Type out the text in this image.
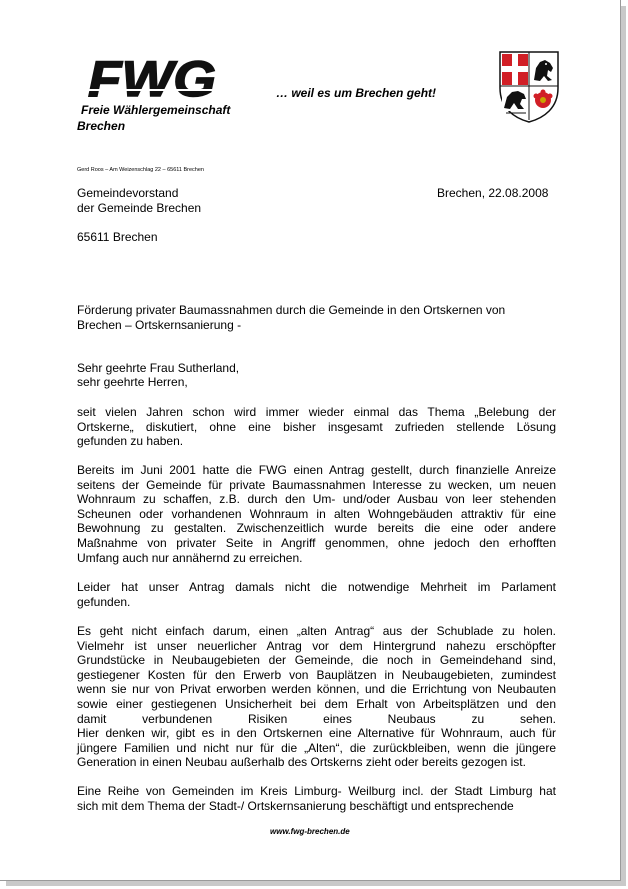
FWG
Freie Wählergemeinschaft
Brechen
… weil es um Brechen geht!
Gerd Roos – Am Weizenschlag 22 – 65611 Brechen
Gemeindevorstand
der Gemeinde Brechen
Brechen, 22.08.2008
65611 Brechen
Förderung privater Baumassnahmen durch die Gemeinde in den Ortskernen von
Brechen – Ortskernsanierung -
Sehr geehrte Frau Sutherland,
sehr geehrte Herren,
seit vielen Jahren schon wird immer wieder einmal das Thema „Belebung der
Ortskerne„ diskutiert, ohne eine bisher insgesamt zufrieden stellende Lösung
gefunden zu haben.
Bereits im Juni 2001 hatte die FWG einen Antrag gestellt, durch finanzielle Anreize
seitens der Gemeinde für private Baumassnahmen Interesse zu wecken, um neuen
Wohnraum zu schaffen, z.B. durch den Um- und/oder Ausbau von leer stehenden
Scheunen oder vorhandenen Wohnraum in alten Wohngebäuden attraktiv für eine
Bewohnung zu gestalten. Zwischenzeitlich wurde bereits die eine oder andere
Maßnahme von privater Seite in Angriff genommen, ohne jedoch den erhofften
Umfang auch nur annähernd zu erreichen.
Leider hat unser Antrag damals nicht die notwendige Mehrheit im Parlament
gefunden.
Es geht nicht einfach darum, einen „alten Antrag“ aus der Schublade zu holen.
Vielmehr ist unser neuerlicher Antrag vor dem Hintergrund nahezu erschöpfter
Grundstücke in Neubaugebieten der Gemeinde, die noch in Gemeindehand sind,
gestiegener Kosten für den Erwerb von Bauplätzen in Neubaugebieten, zumindest
wenn sie nur von Privat erworben werden können, und die Errichtung von Neubauten
sowie einer gestiegenen Unsicherheit bei dem Erhalt von Arbeitsplätzen und den
damit verbundenen Risiken eines Neubaus zu sehen.
Hier denken wir, gibt es in den Ortskernen eine Alternative für Wohnraum, auch für
jüngere Familien und nicht nur für die „Alten“, die zurückbleiben, wenn die jüngere
Generation in einen Neubau außerhalb des Ortskerns zieht oder bereits gezogen ist.
Eine Reihe von Gemeinden im Kreis Limburg- Weilburg incl. der Stadt Limburg hat
sich mit dem Thema der Stadt-/ Ortskernsanierung beschäftigt und entsprechende
www.fwg-brechen.de
